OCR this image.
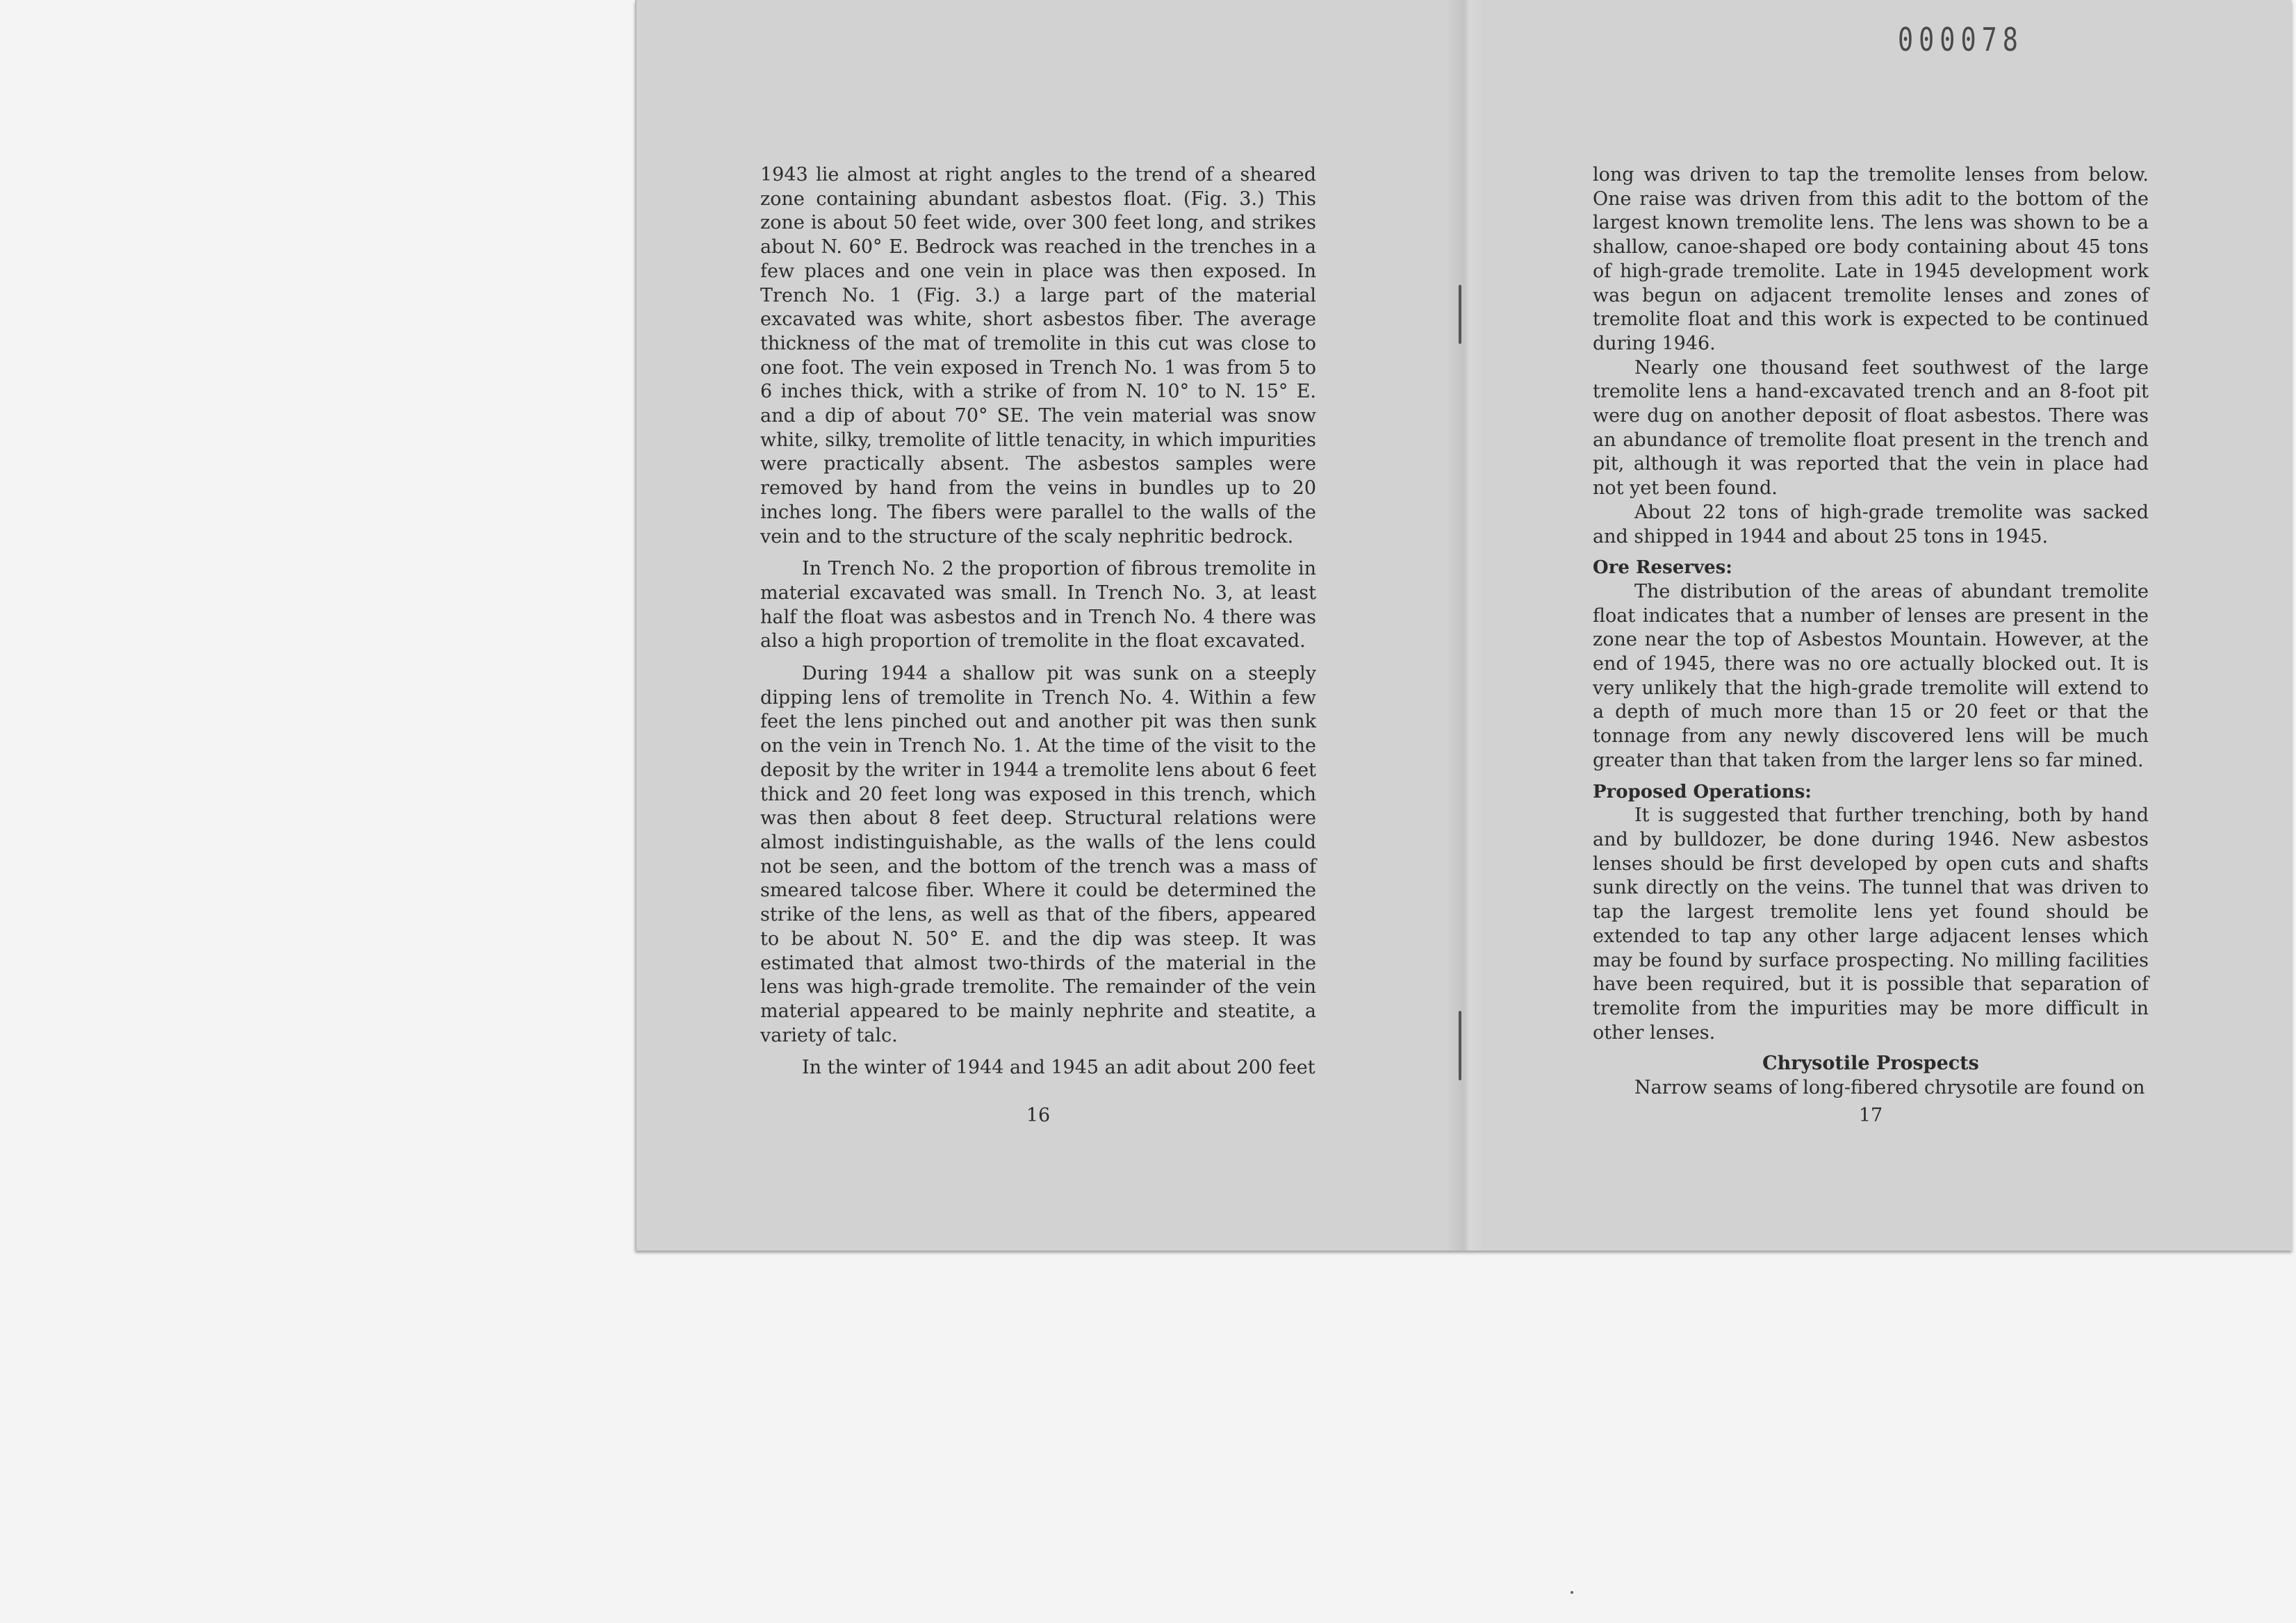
000078

1943 lie almost at right angles to the trend of a sheared zone containing abundant asbestos float. (Fig. 3.) This zone is about 50 feet wide, over 300 feet long, and strikes about N. 60° E. Bedrock was reached in the trenches in a few places and one vein in place was then exposed. In Trench No. 1 (Fig. 3.) a large part of the material excavated was white, short asbestos fiber. The average thickness of the mat of tremolite in this cut was close to one foot. The vein exposed in Trench No. 1 was from 5 to 6 inches thick, with a strike of from N. 10° to N. 15° E. and a dip of about 70° SE. The vein material was snow white, silky, tremolite of little tenacity, in which impurities were practically absent. The asbestos samples were removed by hand from the veins in bundles up to 20 inches long. The fibers were parallel to the walls of the vein and to the structure of the scaly nephritic bedrock.

In Trench No. 2 the proportion of fibrous tremolite in material excavated was small. In Trench No. 3, at least half the float was asbestos and in Trench No. 4 there was also a high proportion of tremolite in the float excavated.

During 1944 a shallow pit was sunk on a steeply dipping lens of tremolite in Trench No. 4. Within a few feet the lens pinched out and another pit was then sunk on the vein in Trench No. 1. At the time of the visit to the deposit by the writer in 1944 a tremolite lens about 6 feet thick and 20 feet long was exposed in this trench, which was then about 8 feet deep. Structural relations were almost indistinguishable, as the walls of the lens could not be seen, and the bottom of the trench was a mass of smeared talcose fiber. Where it could be determined the strike of the lens, as well as that of the fibers, appeared to be about N. 50° E. and the dip was steep. It was estimated that almost two-thirds of the material in the lens was high-grade tremolite. The remainder of the vein material appeared to be mainly nephrite and steatite, a variety of talc.

In the winter of 1944 and 1945 an adit about 200 feet

16

long was driven to tap the tremolite lenses from below. One raise was driven from this adit to the bottom of the largest known tremolite lens. The lens was shown to be a shallow, canoe-shaped ore body containing about 45 tons of high-grade tremolite. Late in 1945 development work was begun on adjacent tremolite lenses and zones of tremolite float and this work is expected to be continued during 1946.

Nearly one thousand feet southwest of the large tremolite lens a hand-excavated trench and an 8-foot pit were dug on another deposit of float asbestos. There was an abundance of tremolite float present in the trench and pit, although it was reported that the vein in place had not yet been found.

About 22 tons of high-grade tremolite was sacked and shipped in 1944 and about 25 tons in 1945.

Ore Reserves:

The distribution of the areas of abundant tremolite float indicates that a number of lenses are present in the zone near the top of Asbestos Mountain. However, at the end of 1945, there was no ore actually blocked out. It is very unlikely that the high-grade tremolite will extend to a depth of much more than 15 or 20 feet or that the tonnage from any newly discovered lens will be much greater than that taken from the larger lens so far mined.

Proposed Operations:

It is suggested that further trenching, both by hand and by bulldozer, be done during 1946. New asbestos lenses should be first developed by open cuts and shafts sunk directly on the veins. The tunnel that was driven to tap the largest tremolite lens yet found should be extended to tap any other large adjacent lenses which may be found by surface prospecting. No milling facilities have been required, but it is possible that separation of tremolite from the impurities may be more difficult in other lenses.

Chrysotile Prospects

Narrow seams of long-fibered chrysotile are found on

17
